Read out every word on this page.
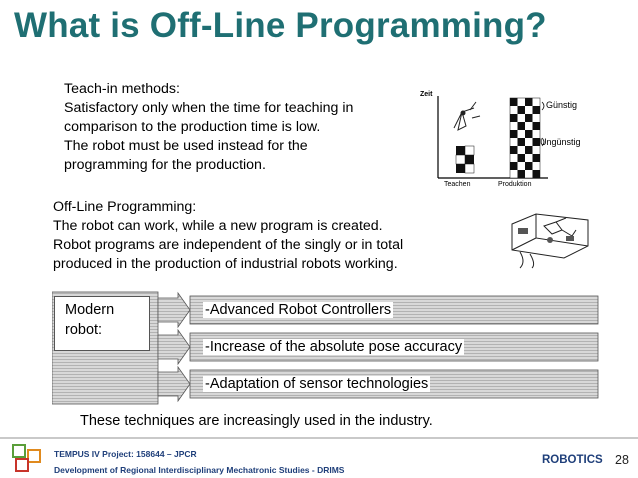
What is Off-Line Programming?
Teach-in methods:
Satisfactory only when the time for teaching in
comparison to the production time is low.
The robot must be used instead for the
programming for the production.
Zeit
Günstig
Ungünstig
Teachen	Produktion
Off-Line Programming:
The robot can work, while a new program is created.
Robot programs are independent of the singly or in total
produced in the production of industrial robots working.
Modern
robot:
-Advanced Robot Controllers
-Increase of the absolute pose accuracy
-Adaptation of sensor technologies
These techniques are increasingly used in the industry.
TEMPUS IV Project: 158644 – JPCR
Development of Regional Interdisciplinary Mechatronic Studies - DRIMS
ROBOTICS 28
